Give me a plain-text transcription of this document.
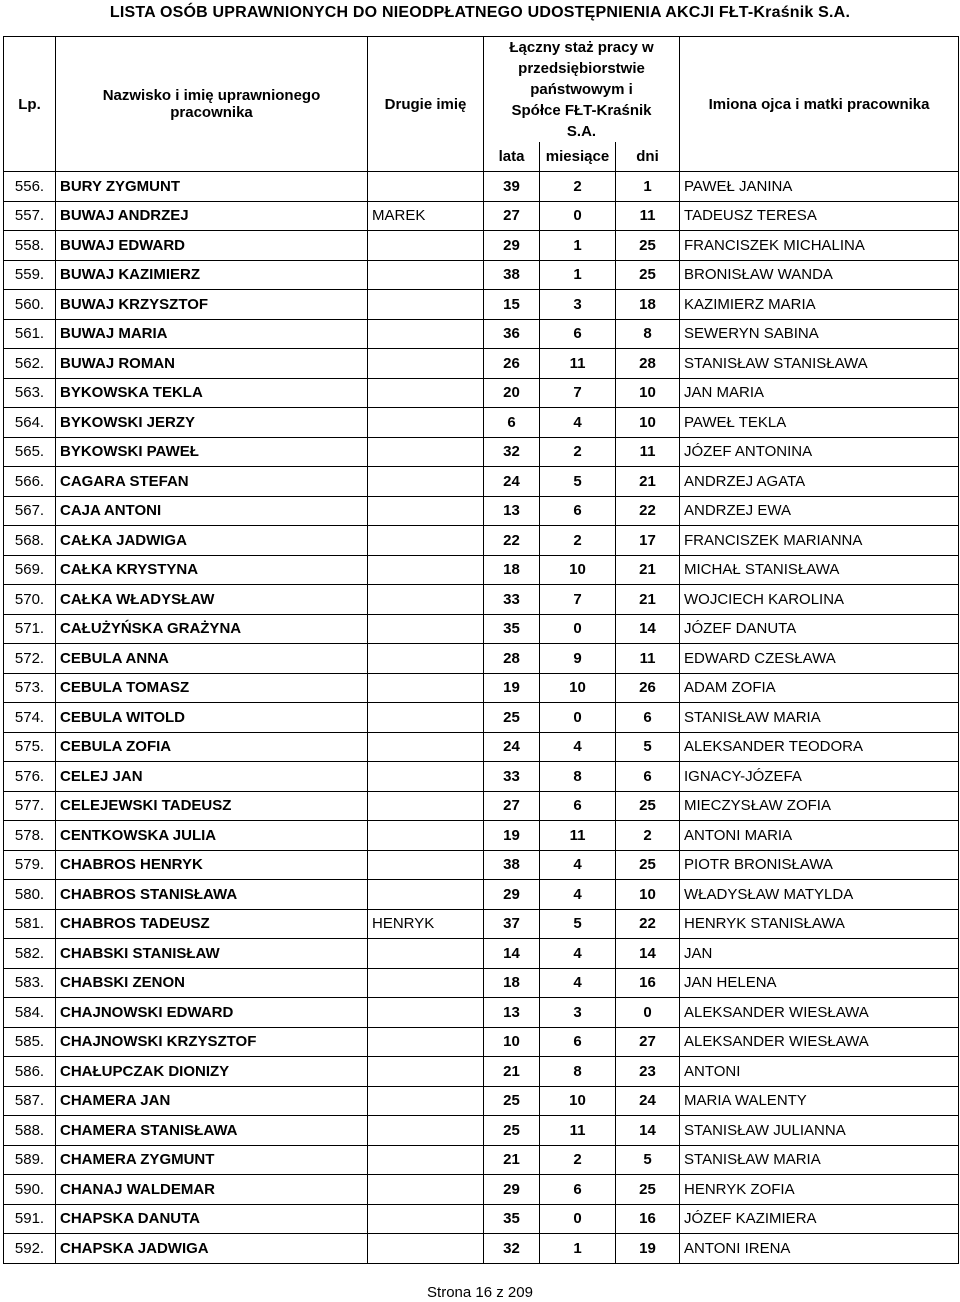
LISTA OSÓB UPRAWNIONYCH DO NIEODPŁATNEGO UDOSTĘPNIENIA AKCJI FŁT-Kraśnik S.A.
Lp.	Nazwisko i imię uprawnionego pracownika	Drugie imię	Łączny staż pracy w przedsiębiorstwie państwowym i Spółce FŁT-Kraśnik S.A.			Imiona ojca i matki pracownika
			lata	miesiące	dni	
556.	BURY ZYGMUNT		39	2	1	PAWEŁ JANINA
557.	BUWAJ ANDRZEJ	MAREK	27	0	11	TADEUSZ TERESA
558.	BUWAJ EDWARD		29	1	25	FRANCISZEK MICHALINA
559.	BUWAJ KAZIMIERZ		38	1	25	BRONISŁAW WANDA
560.	BUWAJ KRZYSZTOF		15	3	18	KAZIMIERZ MARIA
561.	BUWAJ MARIA		36	6	8	SEWERYN SABINA
562.	BUWAJ ROMAN		26	11	28	STANISŁAW STANISŁAWA
563.	BYKOWSKA TEKLA		20	7	10	JAN MARIA
564.	BYKOWSKI JERZY		6	4	10	PAWEŁ TEKLA
565.	BYKOWSKI PAWEŁ		32	2	11	JÓZEF ANTONINA
566.	CAGARA STEFAN		24	5	21	ANDRZEJ AGATA
567.	CAJA ANTONI		13	6	22	ANDRZEJ EWA
568.	CAŁKA JADWIGA		22	2	17	FRANCISZEK MARIANNA
569.	CAŁKA KRYSTYNA		18	10	21	MICHAŁ STANISŁAWA
570.	CAŁKA WŁADYSŁAW		33	7	21	WOJCIECH KAROLINA
571.	CAŁUŻYŃSKA GRAŻYNA		35	0	14	JÓZEF DANUTA
572.	CEBULA ANNA		28	9	11	EDWARD CZESŁAWA
573.	CEBULA TOMASZ		19	10	26	ADAM ZOFIA
574.	CEBULA WITOLD		25	0	6	STANISŁAW MARIA
575.	CEBULA ZOFIA		24	4	5	ALEKSANDER TEODORA
576.	CELEJ JAN		33	8	6	IGNACY-JÓZEFA
577.	CELEJEWSKI TADEUSZ		27	6	25	MIECZYSŁAW ZOFIA
578.	CENTKOWSKA JULIA		19	11	2	ANTONI MARIA
579.	CHABROS HENRYK		38	4	25	PIOTR BRONISŁAWA
580.	CHABROS STANISŁAWA		29	4	10	WŁADYSŁAW MATYLDA
581.	CHABROS TADEUSZ	HENRYK	37	5	22	HENRYK STANISŁAWA
582.	CHABSKI STANISŁAW		14	4	14	JAN
583.	CHABSKI ZENON		18	4	16	JAN HELENA
584.	CHAJNOWSKI EDWARD		13	3	0	ALEKSANDER WIESŁAWA
585.	CHAJNOWSKI KRZYSZTOF		10	6	27	ALEKSANDER WIESŁAWA
586.	CHAŁUPCZAK DIONIZY		21	8	23	ANTONI
587.	CHAMERA JAN		25	10	24	MARIA WALENTY
588.	CHAMERA STANISŁAWA		25	11	14	STANISŁAW JULIANNA
589.	CHAMERA ZYGMUNT		21	2	5	STANISŁAW MARIA
590.	CHANAJ WALDEMAR		29	6	25	HENRYK ZOFIA
591.	CHAPSKA DANUTA		35	0	16	JÓZEF KAZIMIERA
592.	CHAPSKA JADWIGA		32	1	19	ANTONI IRENA
Strona 16 z 209
